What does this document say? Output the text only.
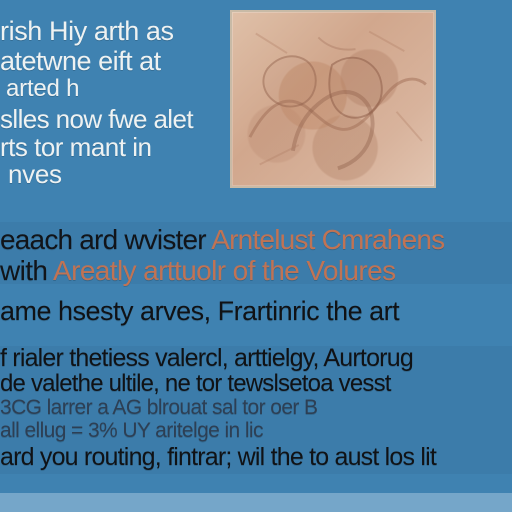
rish Hiy arth as
atetwne eift at
arted h
slles now fwe alet
rts tor mant in
nves
eaach ard wvister Arntelust Cmrahens
with Areatly arttuolr of the Volures
ame hsesty arves, Frartinric the art
f rialer thetiess valercl, arttielgy, Aurtorug
de valethe ultile, ne tor tewslsetoa vesst
3CG larrer a AG blrouat sal tor oer B
all ellug = 3% UY aritelge in lic
ard you routing, fintrar; wil the to aust los lit
